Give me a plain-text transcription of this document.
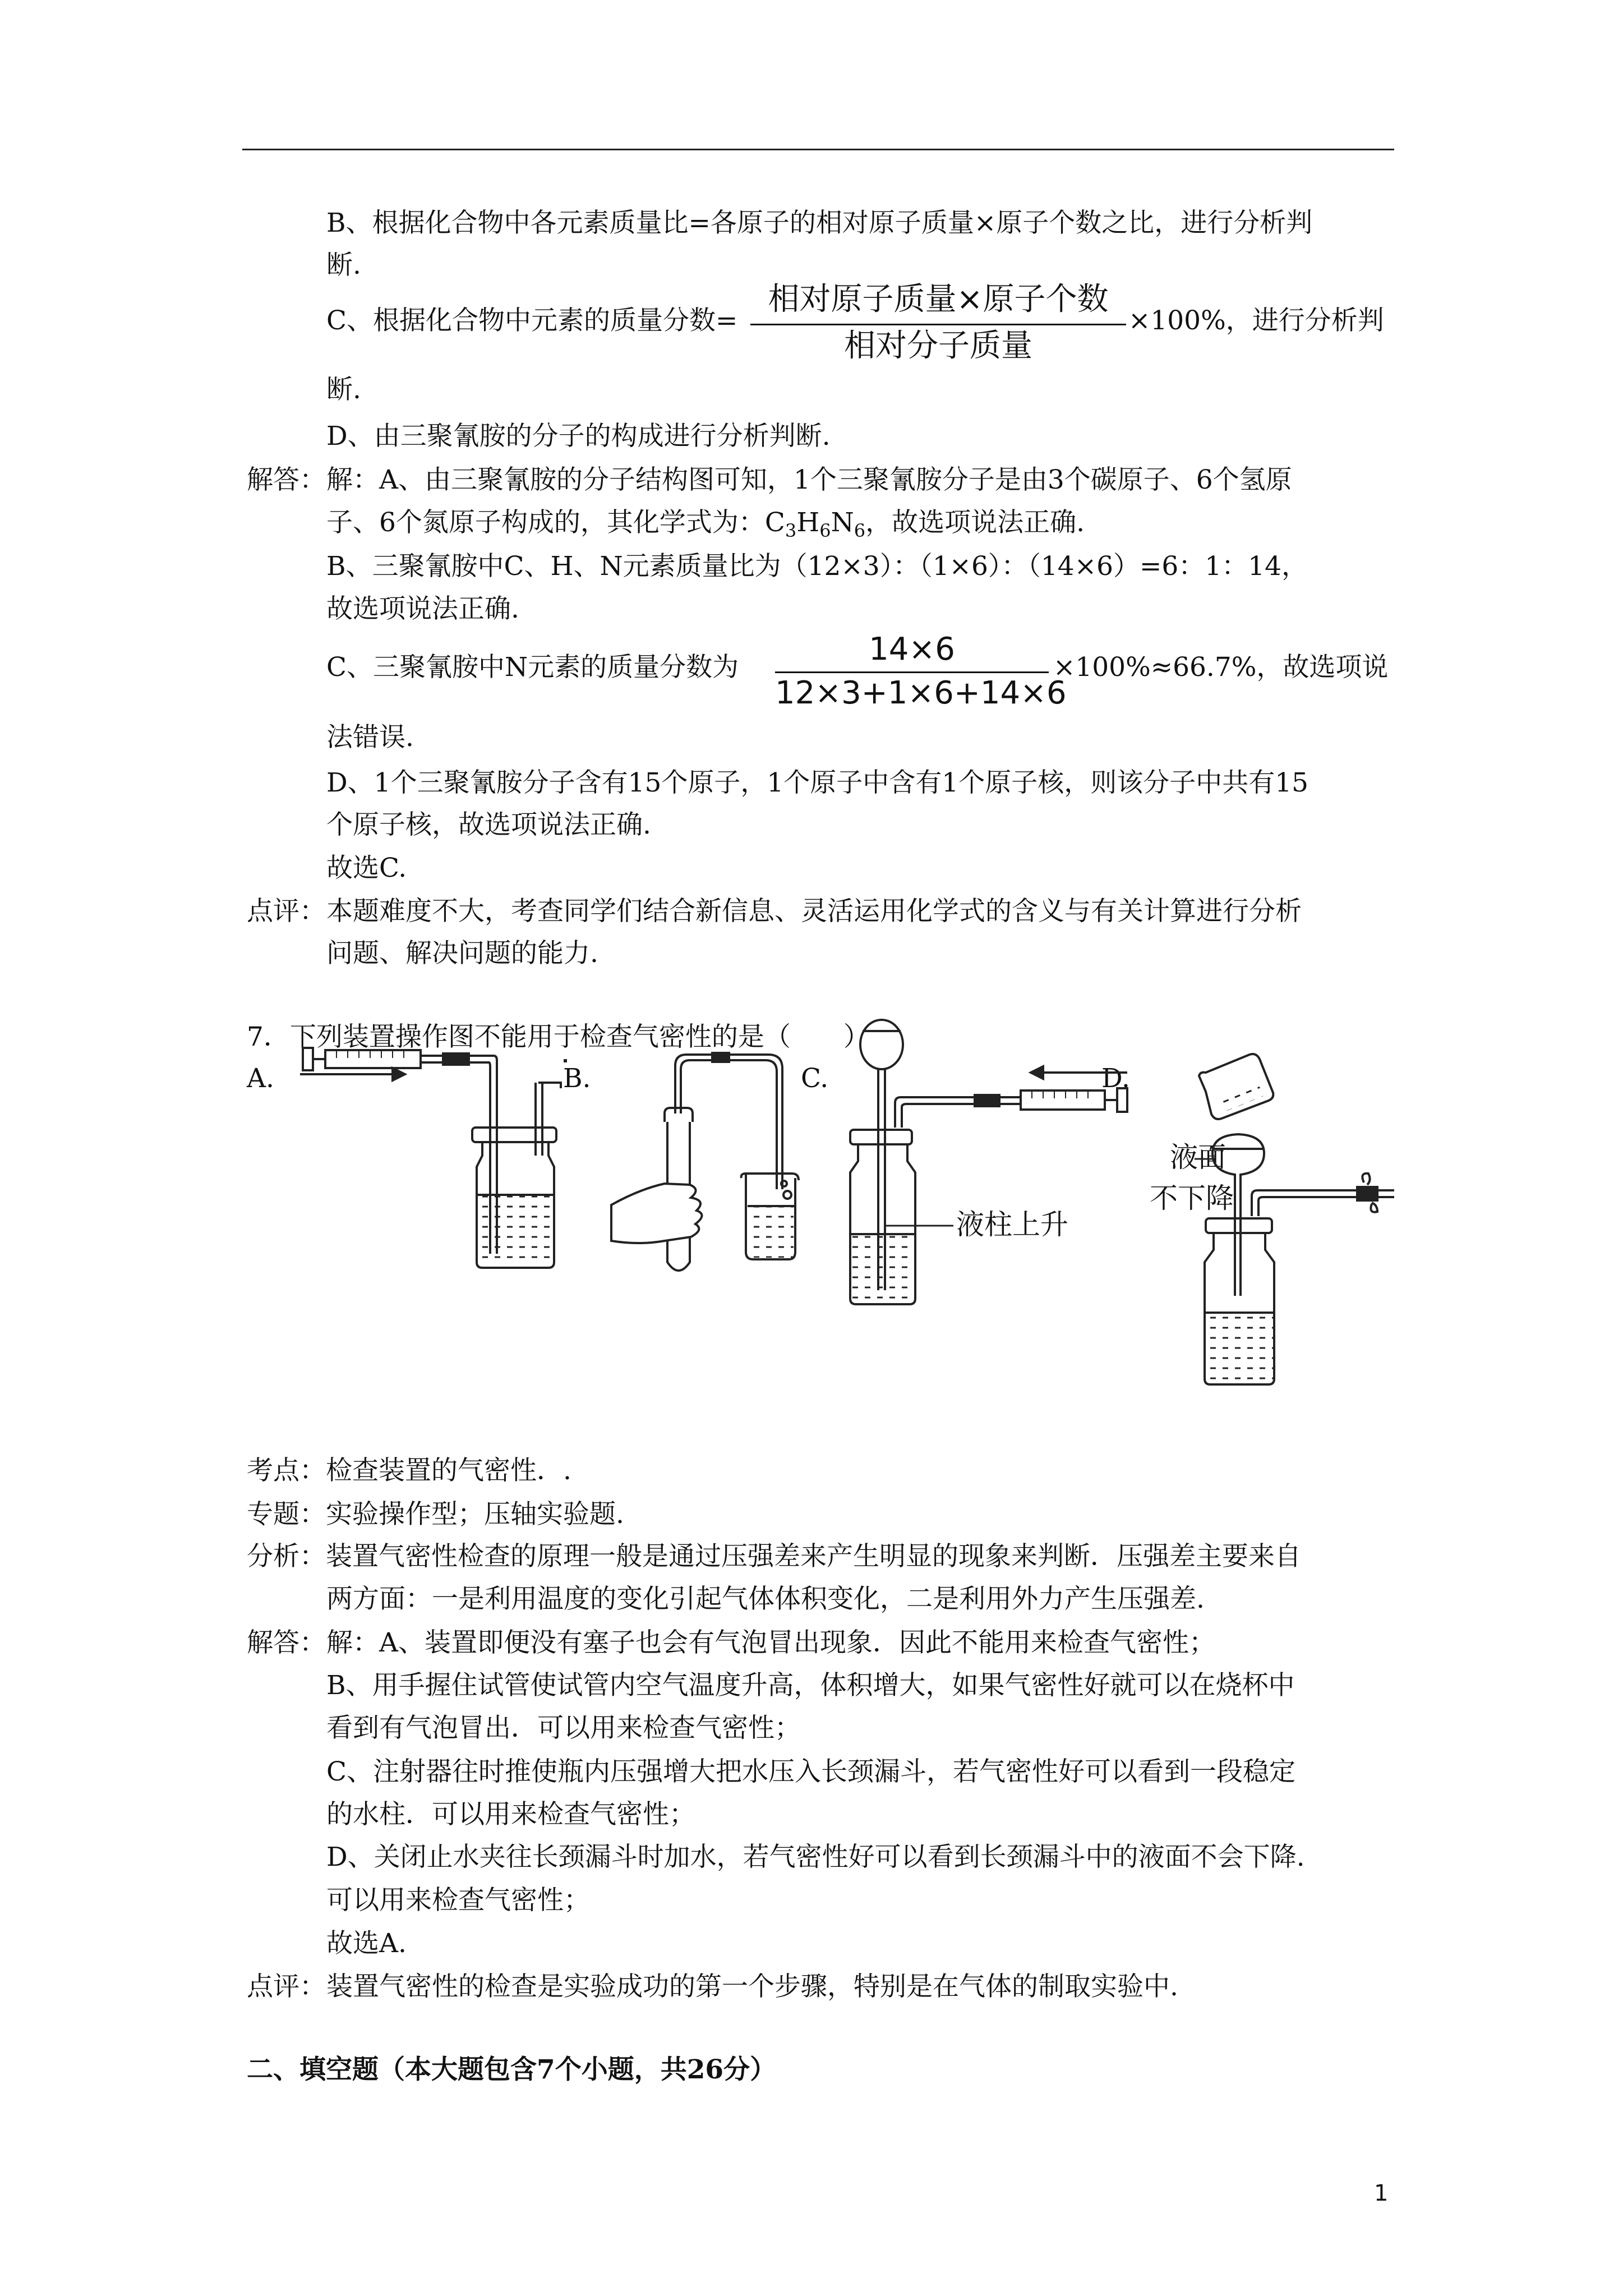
B、根据化合物中各元素质量比=各原子的相对原子质量×原子个数之比，进行分析判
断.
C、根据化合物中元素的质量分数=
相对原子质量×原子个数
相对分子质量
×100%，进行分析判
断.
D、由三聚氰胺的分子的构成进行分析判断.
解答： 解：A、由三聚氰胺的分子结构图可知，1个三聚氰胺分子是由3个碳原子、6个氢原
子、6个氮原子构成的，其化学式为：$C_3H_6N_6$，故选项说法正确.
B、三聚氰胺中C、H、N元素质量比为（12×3）：（1×6）：（14×6）=6：1：14，
故选项说法正确.
C、三聚氰胺中N元素的质量分数为	14×6
12×3+1×6+14×6
×100%≈66.7%，故选项说
法错误.
D、1个三聚氰胺分子含有15个原子，1个原子中含有1个原子核，则该分子中共有15
个原子核，故选项说法正确.
故选C.
点评： 本题难度不大，考查同学们结合新信息、灵活运用化学式的含义与有关计算进行分析
问题、解决问题的能力.
7．下列装置操作图不能用于检查气密性的是（　　）
A.	B.	C.	D.
液柱上升
液面
不下降
考点：检查装置的气密性．.
专题：实验操作型；压轴实验题.
分析：装置气密性检查的原理一般是通过压强差来产生明显的现象来判断．压强差主要来自
两方面：一是利用温度的变化引起气体体积变化，二是利用外力产生压强差.
解答： 解：A、装置即便没有塞子也会有气泡冒出现象．因此不能用来检查气密性；
B、用手握住试管使试管内空气温度升高，体积增大，如果气密性好就可以在烧杯中
看到有气泡冒出．可以用来检查气密性；
C、注射器往时推使瓶内压强增大把水压入长颈漏斗，若气密性好可以看到一段稳定
的水柱．可以用来检查气密性；
D、关闭止水夹往长颈漏斗时加水，若气密性好可以看到长颈漏斗中的液面不会下降.
可以用来检查气密性；
故选A.
点评： 装置气密性的检查是实验成功的第一个步骤，特别是在气体的制取实验中.
二、填空题（本大题包含7个小题，共26分）
1
